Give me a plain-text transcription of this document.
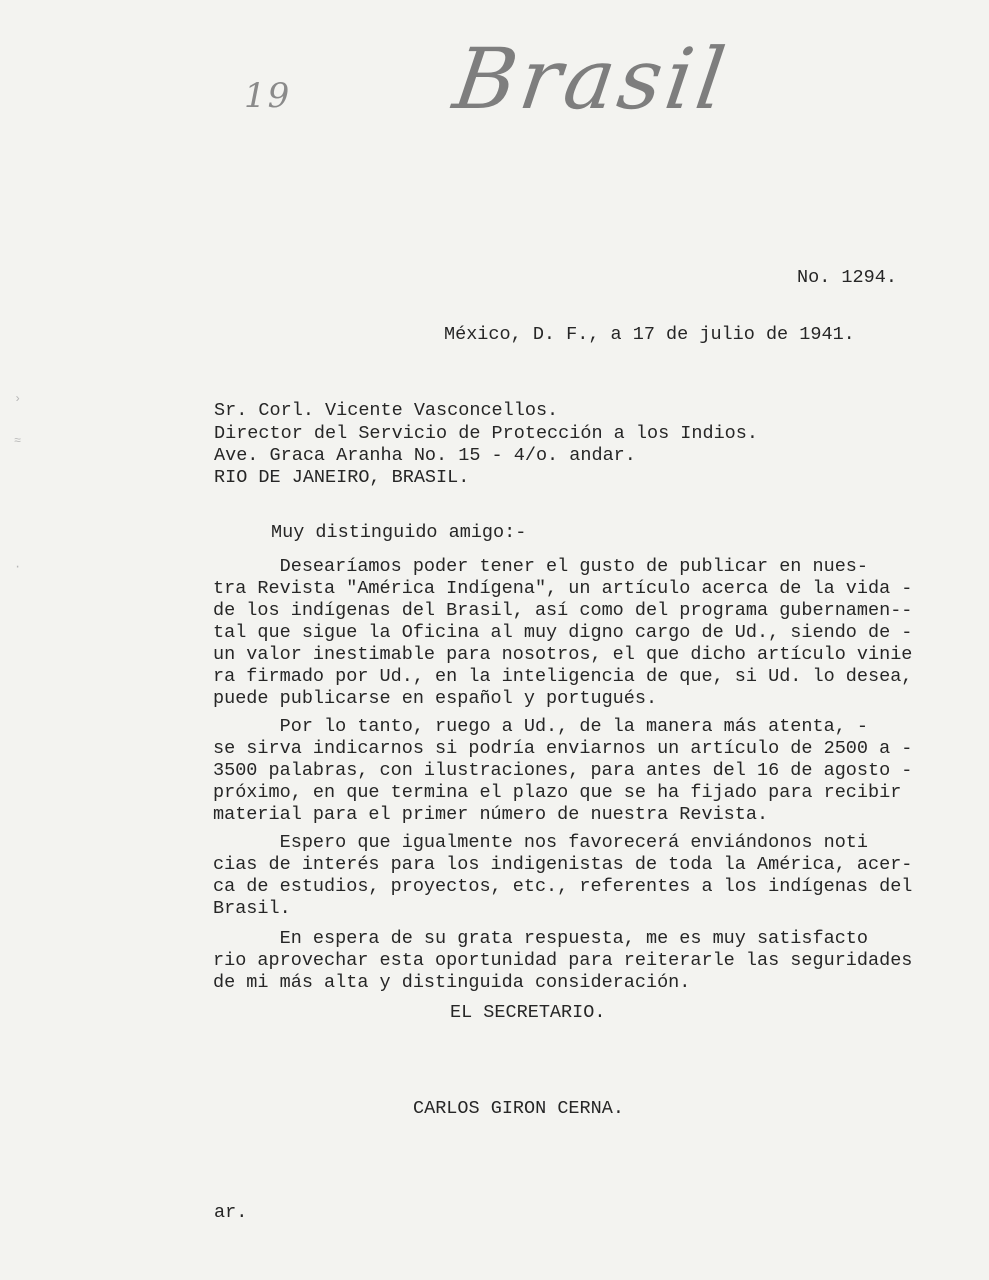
19 Brasil
No. 1294.
México, D. F., a 17 de julio de 1941.
Sr. Corl. Vicente Vasconcellos.
Director del Servicio de Protección a los Indios.
Ave. Graca Aranha No. 15 - 4/o. andar.
RIO DE JANEIRO, BRASIL.
Muy distinguido amigo:-
Desearíamos poder tener el gusto de publicar en nues-
tra Revista "América Indígena", un artículo acerca de la vida -
de los indígenas del Brasil, así como del programa gubernamen--
tal que sigue la Oficina al muy digno cargo de Ud., siendo de -
un valor inestimable para nosotros, el que dicho artículo vinie
ra firmado por Ud., en la inteligencia de que, si Ud. lo desea,
puede publicarse en español y portugués.
Por lo tanto, ruego a Ud., de la manera más atenta, -
se sirva indicarnos si podría enviarnos un artículo de 2500 a -
3500 palabras, con ilustraciones, para antes del 16 de agosto -
próximo, en que termina el plazo que se ha fijado para recibir
material para el primer número de nuestra Revista.
Espero que igualmente nos favorecerá enviándonos noti
cias de interés para los indigenistas de toda la América, acer-
ca de estudios, proyectos, etc., referentes a los indígenas del
Brasil.
En espera de su grata respuesta, me es muy satisfacto
rio aprovechar esta oportunidad para reiterarle las seguridades
de mi más alta y distinguida consideración.
EL SECRETARIO.
CARLOS GIRON CERNA.
ar.
›
≈
·
